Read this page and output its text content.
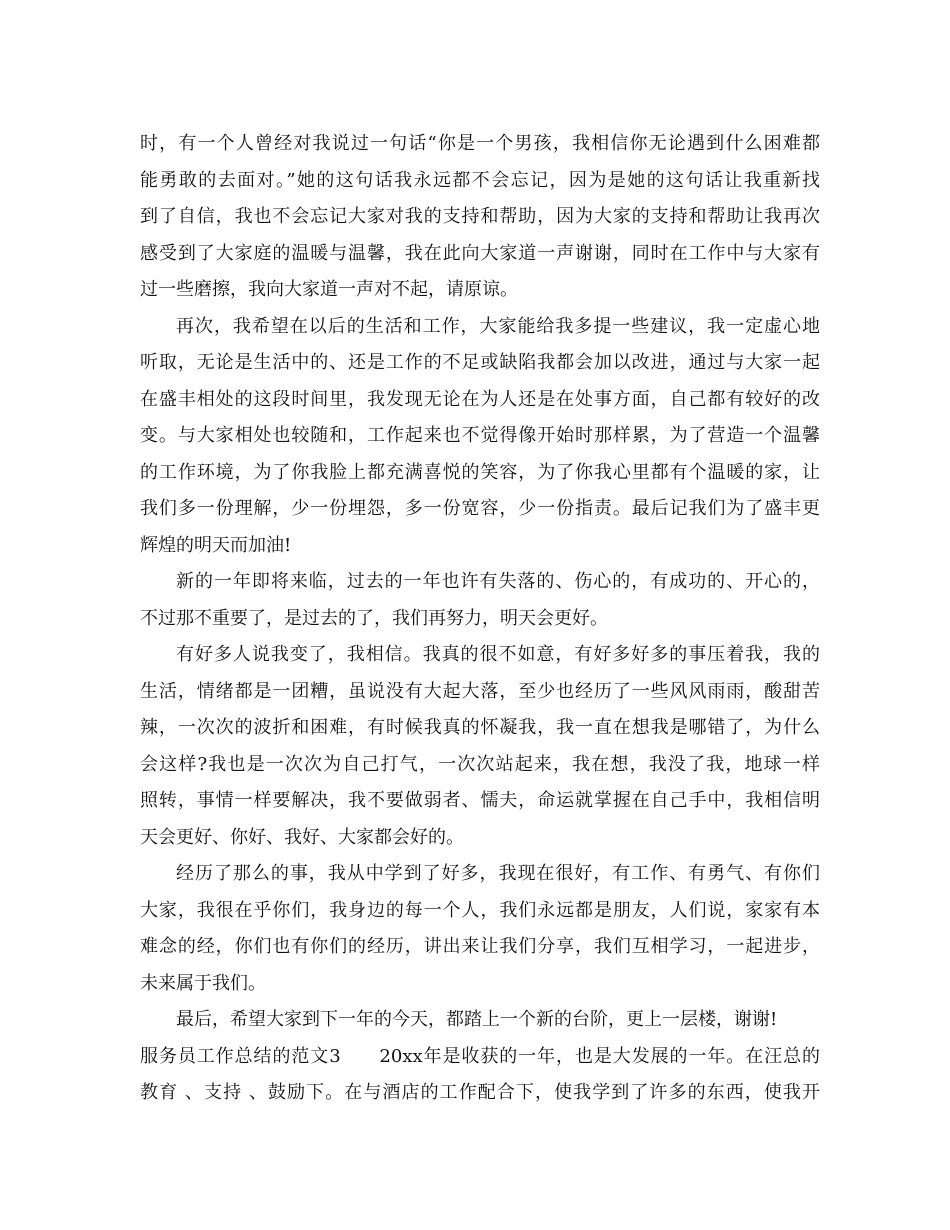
时，有一个人曾经对我说过一句话“你是一个男孩，我相信你无论遇到什么困难都
能勇敢的去面对。”她的这句话我永远都不会忘记，因为是她的这句话让我重新找
到了自信，我也不会忘记大家对我的支持和帮助，因为大家的支持和帮助让我再次
感受到了大家庭的温暖与温馨，我在此向大家道一声谢谢，同时在工作中与大家有
过一些磨擦，我向大家道一声对不起，请原谅。
再次，我希望在以后的生活和工作，大家能给我多提一些建议，我一定虚心地
听取，无论是生活中的、还是工作的不足或缺陷我都会加以改进，通过与大家一起
在盛丰相处的这段时间里，我发现无论在为人还是在处事方面，自己都有较好的改
变。与大家相处也较随和，工作起来也不觉得像开始时那样累，为了营造一个温馨
的工作环境，为了你我脸上都充满喜悦的笑容，为了你我心里都有个温暖的家，让
我们多一份理解，少一份埋怨，多一份宽容，少一份指责。最后记我们为了盛丰更
辉煌的明天而加油!
新的一年即将来临，过去的一年也许有失落的、伤心的，有成功的、开心的，
不过那不重要了，是过去的了，我们再努力，明天会更好。
有好多人说我变了，我相信。我真的很不如意，有好多好多的事压着我，我的
生活，情绪都是一团糟，虽说没有大起大落，至少也经历了一些风风雨雨，酸甜苦
辣，一次次的波折和困难，有时候我真的怀凝我，我一直在想我是哪错了，为什么
会这样?我也是一次次为自己打气，一次次站起来，我在想，我没了我，地球一样
照转，事情一样要解决，我不要做弱者、懦夫，命运就掌握在自己手中，我相信明
天会更好、你好、我好、大家都会好的。
经历了那么的事，我从中学到了好多，我现在很好，有工作、有勇气、有你们
大家，我很在乎你们，我身边的每一个人，我们永远都是朋友，人们说，家家有本
难念的经，你们也有你们的经历，讲出来让我们分享，我们互相学习，一起进步，
未来属于我们。
最后，希望大家到下一年的今天，都踏上一个新的台阶，更上一层楼，谢谢!
服务员工作总结的范文3　　20xx年是收获的一年，也是大发展的一年。在汪总的
教育 、支持 、鼓励下。在与酒店的工作配合下，使我学到了许多的东西，使我开
